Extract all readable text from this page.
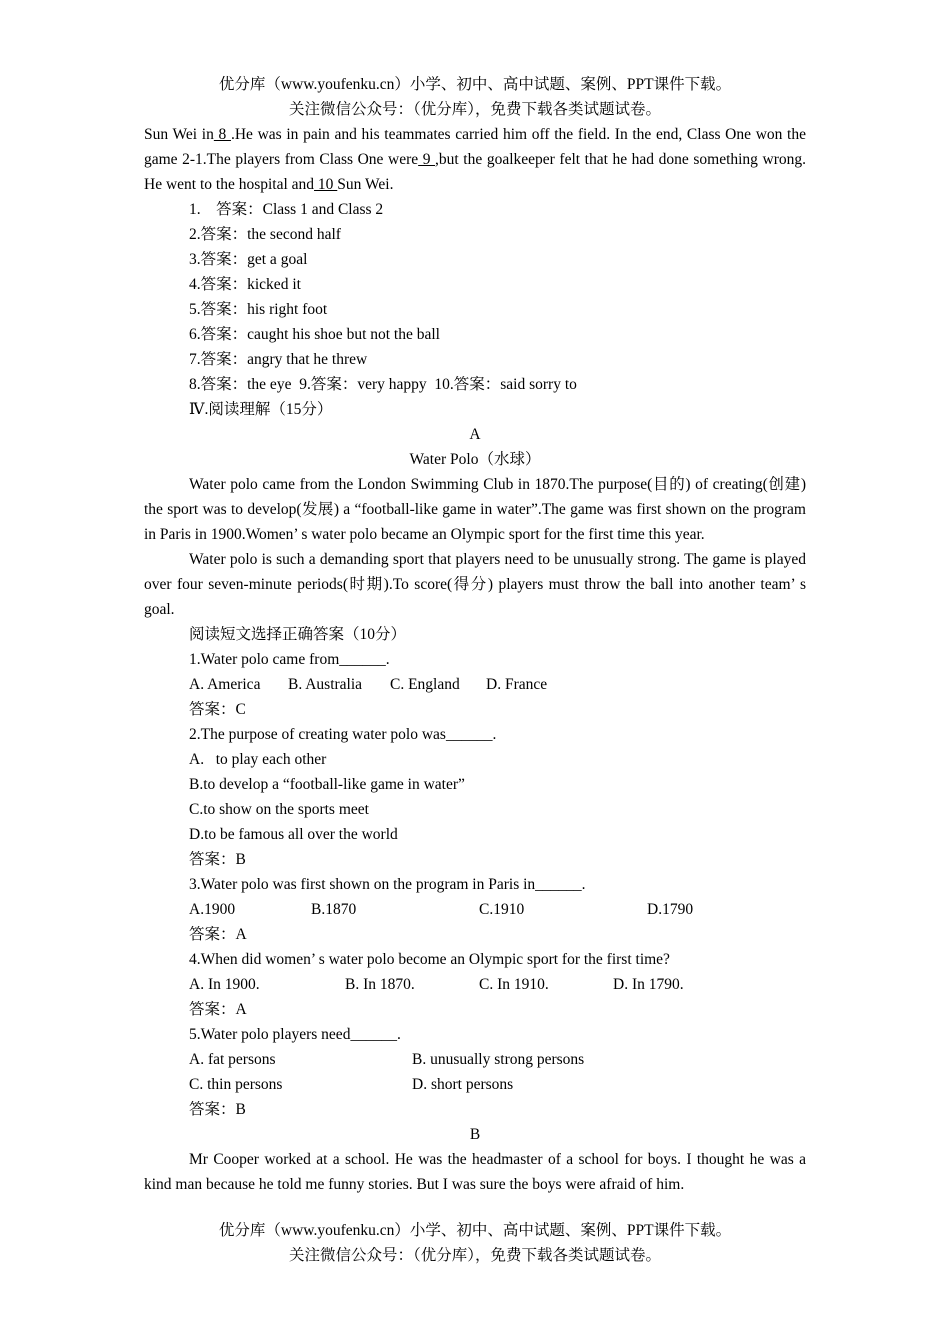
优分库（www.youfenku.cn）小学、初中、高中试题、案例、PPT课件下载。

关注微信公众号：（优分库），免费下载各类试题试卷。

Sun Wei in 8 .He was in pain and his teammates carried him off the field. In the end, Class One won the game 2-1.The players from Class One were 9 ,but the goalkeeper felt that he had done something wrong. He went to the hospital and 10 Sun Wei.

1.　答案：Class 1 and Class 2

2.答案：the second half

3.答案：get a goal

4.答案：kicked it

5.答案：his right foot

6.答案：caught his shoe but not the ball

7.答案：angry that he threw

8.答案：the eye  9.答案：very happy  10.答案：said sorry to

Ⅳ.阅读理解（15分）

A

Water Polo（水球）

Water polo came from the London Swimming Club in 1870.The purpose(目的) of creating(创建) the sport was to develop(发展) a “football-like game in water”.The game was first shown on the program in Paris in 1900.Women’ s water polo became an Olympic sport for the first time this year.

Water polo is such a demanding sport that players need to be unusually strong. The game is played over four seven-minute periods(时期).To score(得分) players must throw the ball into another team’ s goal.

阅读短文选择正确答案（10分）

1.Water polo came from______.

A. America	B. Australia	C. England	D. France

答案：C

2.The purpose of creating water polo was______.

A.   to play each other

B.to develop a “football-like game in water”

C.to show on the sports meet

D.to be famous all over the world

答案：B

3.Water polo was first shown on the program in Paris in______.

A.1900	B.1870	C.1910	D.1790

答案：A

4.When did women’ s water polo become an Olympic sport for the first time?

A. In 1900.	B. In 1870.	C. In 1910.	D. In 1790.

答案：A

5.Water polo players need______.

A. fat persons	B. unusually strong persons
C. thin persons	D. short persons

答案：B

B

Mr Cooper worked at a school. He was the headmaster of a school for boys. I thought he was a kind man because he told me funny stories. But I was sure the boys were afraid of him.

优分库（www.youfenku.cn）小学、初中、高中试题、案例、PPT课件下载。

关注微信公众号：（优分库），免费下载各类试题试卷。
